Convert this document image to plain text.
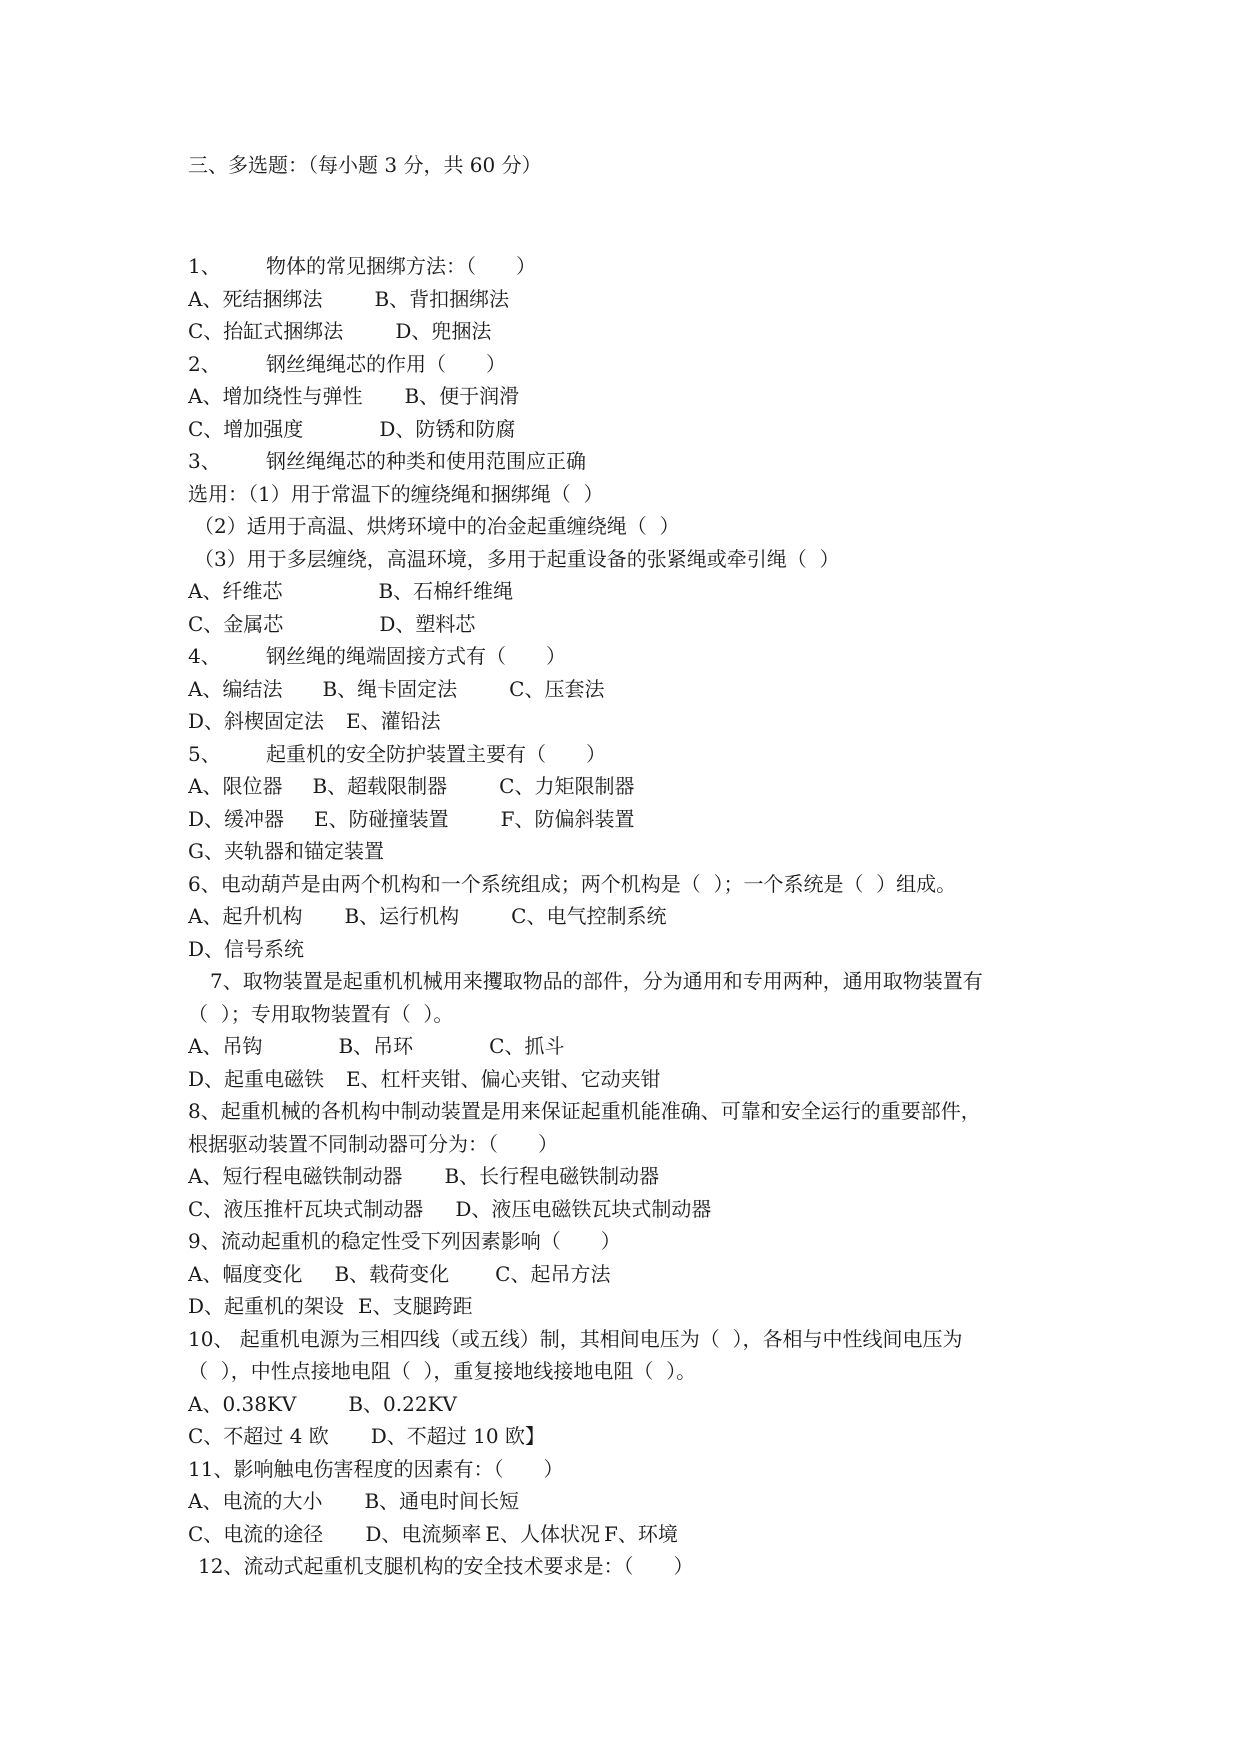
三、多选题：（每小题 3 分，共 60 分）
1、 物体的常见捆绑方法：（　　）
A、死结捆绑法	B、背扣捆绑法
C、抬缸式捆绑法	D、兜捆法
2、 钢丝绳绳芯的作用（　　）
A、增加绕性与弹性 B、便于润滑
C、增加强度	D、防锈和防腐
3、 钢丝绳绳芯的种类和使用范围应正确
选用：（1）用于常温下的缠绕绳和捆绑绳（  ）
（2）适用于高温、烘烤环境中的冶金起重缠绕绳（  ）
（3）用于多层缠绕，高温环境，多用于起重设备的张紧绳或牵引绳（  ）
A、纤维芯	B、石棉纤维绳
C、金属芯	D、塑料芯
4、 钢丝绳的绳端固接方式有（　　）
A、编结法 B、绳卡固定法	C、压套法
D、斜楔固定法 E、灌铅法
5、 起重机的安全防护装置主要有（　　）
A、限位器 B、超载限制器	C、力矩限制器
D、缓冲器 E、防碰撞装置	F、防偏斜装置
G、夹轨器和锚定装置
6、电动葫芦是由两个机构和一个系统组成；两个机构是（  ）；一个系统是（  ）组成。
A、起升机构 B、运行机构	C、电气控制系统
D、信号系统
7、取物装置是起重机机械用来攫取物品的部件，分为通用和专用两种，通用取物装置有
（  ）；专用取物装置有（  ）。
A、吊钩	B、吊环	C、抓斗
D、起重电磁铁 E、杠杆夹钳、偏心夹钳、它动夹钳
8、起重机械的各机构中制动装置是用来保证起重机能准确、可靠和安全运行的重要部件，
根据驱动装置不同制动器可分为：（　　）
A、短行程电磁铁制动器 B、长行程电磁铁制动器
C、液压推杆瓦块式制动器 D、液压电磁铁瓦块式制动器
9、流动起重机的稳定性受下列因素影响（　　）
A、幅度变化 B、载荷变化 C、起吊方法
D、起重机的架设 E、支腿跨距
10、 起重机电源为三相四线（或五线）制，其相间电压为（  ），各相与中性线间电压为
（  ），中性点接地电阻（  ），重复接地线接地电阻（  ）。
A、0.38KV	B、0.22KV
C、不超过 4 欧 D、不超过 10 欧】
11、影响触电伤害程度的因素有：（　　）
A、电流的大小 B、通电时间长短
C、电流的途径 D、电流频率 E、人体状况 F、环境
12、流动式起重机支腿机构的安全技术要求是：（　　）
